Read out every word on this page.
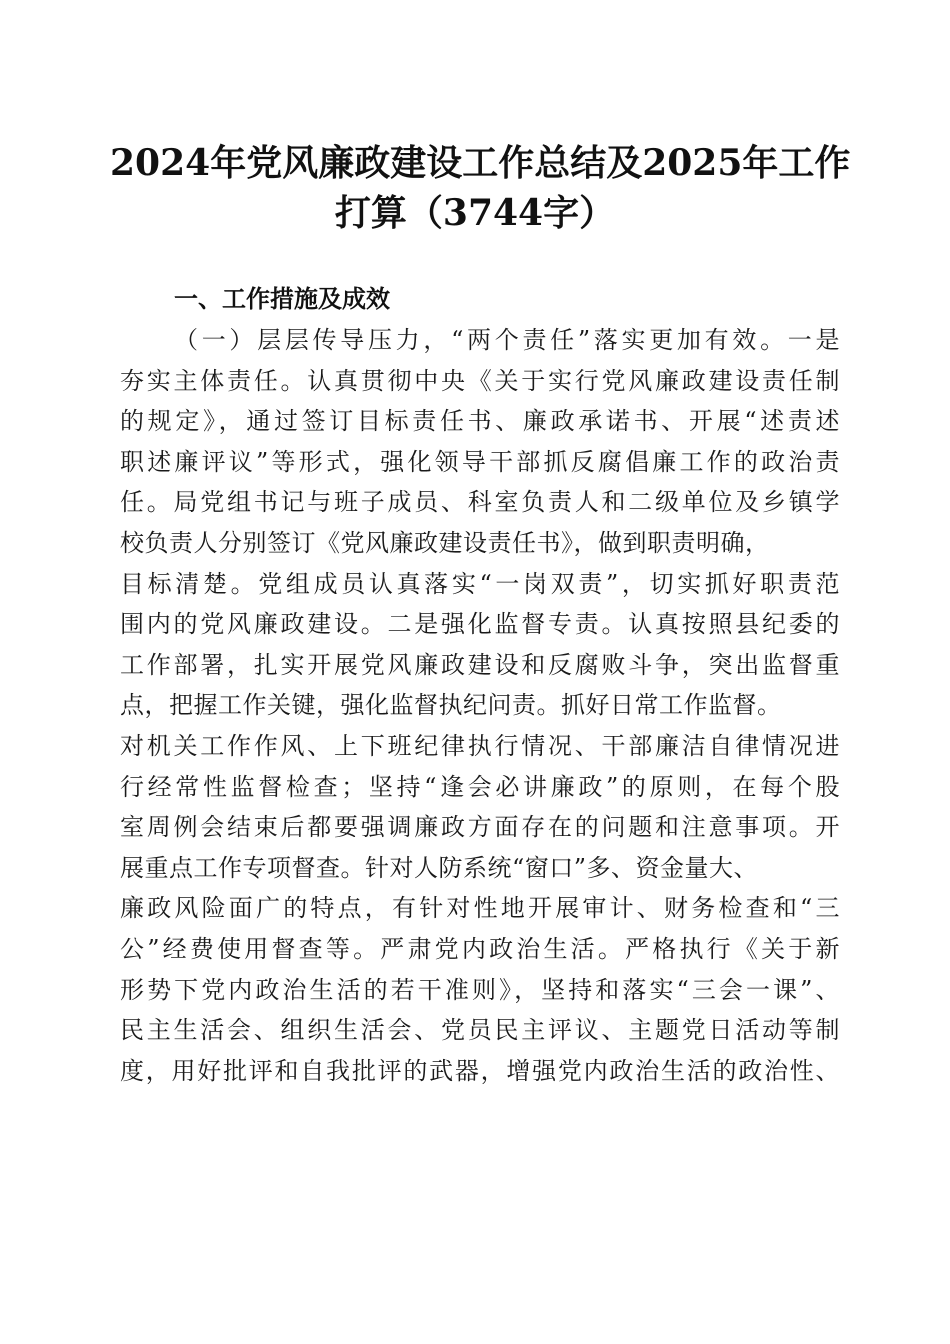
2024年党风廉政建设工作总结及2025年工作
打算（3744字）
一、工作措施及成效
（一）层层传导压力，“两个责任”落实更加有效。一是
夯实主体责任。认真贯彻中央《关于实行党风廉政建设责任制
的规定》，通过签订目标责任书、廉政承诺书、开展“述责述
职述廉评议”等形式，强化领导干部抓反腐倡廉工作的政治责
任。局党组书记与班子成员、科室负责人和二级单位及乡镇学
校负责人分别签订《党风廉政建设责任书》，做到职责明确，
目标清楚。党组成员认真落实“一岗双责”，切实抓好职责范
围内的党风廉政建设。二是强化监督专责。认真按照县纪委的
工作部署，扎实开展党风廉政建设和反腐败斗争，突出监督重
点，把握工作关键，强化监督执纪问责。抓好日常工作监督。
对机关工作作风、上下班纪律执行情况、干部廉洁自律情况进
行经常性监督检查；坚持“逢会必讲廉政”的原则，在每个股
室周例会结束后都要强调廉政方面存在的问题和注意事项。开
展重点工作专项督查。针对人防系统“窗口”多、资金量大、
廉政风险面广的特点，有针对性地开展审计、财务检查和“三
公”经费使用督查等。严肃党内政治生活。严格执行《关于新
形势下党内政治生活的若干准则》，坚持和落实“三会一课”、
民主生活会、组织生活会、党员民主评议、主题党日活动等制
度，用好批评和自我批评的武器，增强党内政治生活的政治性、
